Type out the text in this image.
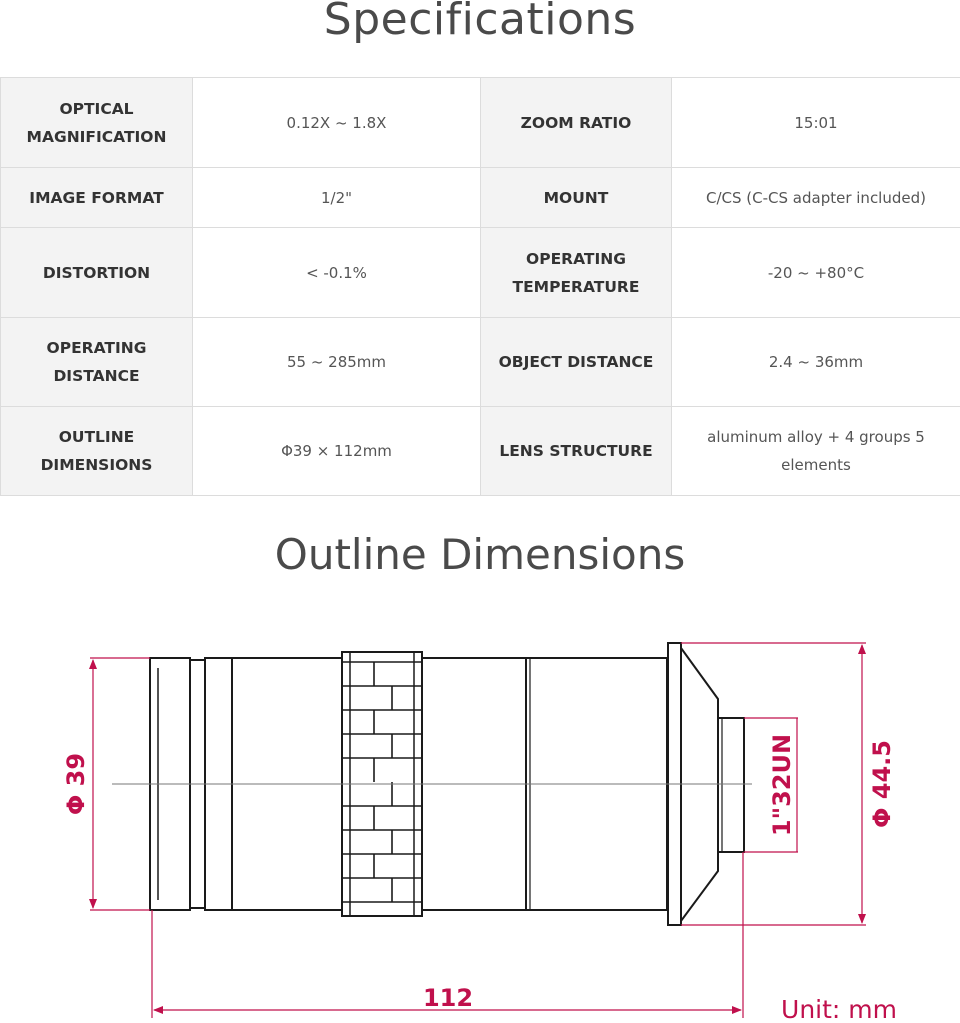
Specifications
OPTICAL MAGNIFICATION	0.12X ~ 1.8X	ZOOM RATIO	15:01
IMAGE FORMAT	1/2"	MOUNT	C/CS (C-CS adapter included)
DISTORTION	< -0.1%	OPERATING TEMPERATURE	-20 ~ +80°C
OPERATING DISTANCE	55 ~ 285mm	OBJECT DISTANCE	2.4 ~ 36mm
OUTLINE DIMENSIONS	Φ39 × 112mm	LENS STRUCTURE	aluminum alloy + 4 groups 5 elements
Outline Dimensions
Φ 39	1"32UN	Φ 44.5
112	Unit: mm
